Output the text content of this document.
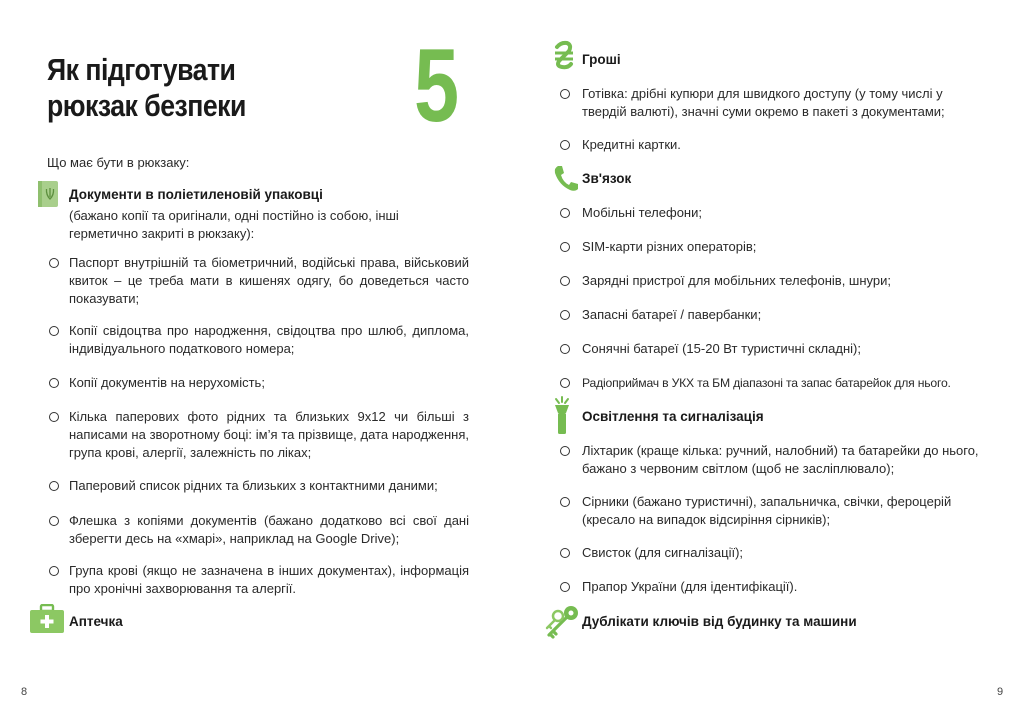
Як підготувати рюкзак безпеки	5

Що має бути в рюкзаку:

Документи в поліетиленовій упаковці

(бажано копії та оригінали, одні постійно із собою, інші герметично закриті в рюкзаку):

Паспорт внутрішній та біометричний, водійські права, військовий квиток – це треба мати в кишенях одягу, бо доведеться часто показувати;
Копії свідоцтва про народження, свідоцтва про шлюб, диплома, індивідуального податкового номера;
Копії документів на нерухомість;
Кілька паперових фото рідних та близьких 9х12 чи більші з написами на зворотному боці: ім’я та прізвище, дата народження, група крові, алергії, залежність по ліках;
Паперовий список рідних та близьких з контактними даними;
Флешка з копіями документів (бажано додатково всі свої дані зберегти десь на «хмарі», наприклад на Google Drive);
Група крові (якщо не зазначена в інших документах), інформація про хронічні захворювання та алергії.
Аптечка
8
Гроші
Готівка: дрібні купюри для швидкого доступу (у тому числі у твердій валюті), значні суми окремо в пакеті з документами;
Кредитні картки.
Зв'язок
Мобільні телефони;
SIM-карти різних операторів;
Зарядні пристрої для мобільних телефонів, шнури;
Запасні батареї / павербанки;
Сонячні батареї (15-20 Вт туристичні складні);
Радіоприймач в УКХ та БМ діапазоні та запас батарейок для нього.
Освітлення та сигналізація
Ліхтарик (краще кілька: ручний, налобний) та батарейки до нього, бажано з червоним світлом (щоб не засліплювало);
Сірники (бажано туристичні), запальничка, свічки, фероцерій (кресало на випадок відсиріння сірників);
Свисток (для сигналізації);
Прапор України (для ідентифікації).
Дублікати ключів від будинку та машини
9
